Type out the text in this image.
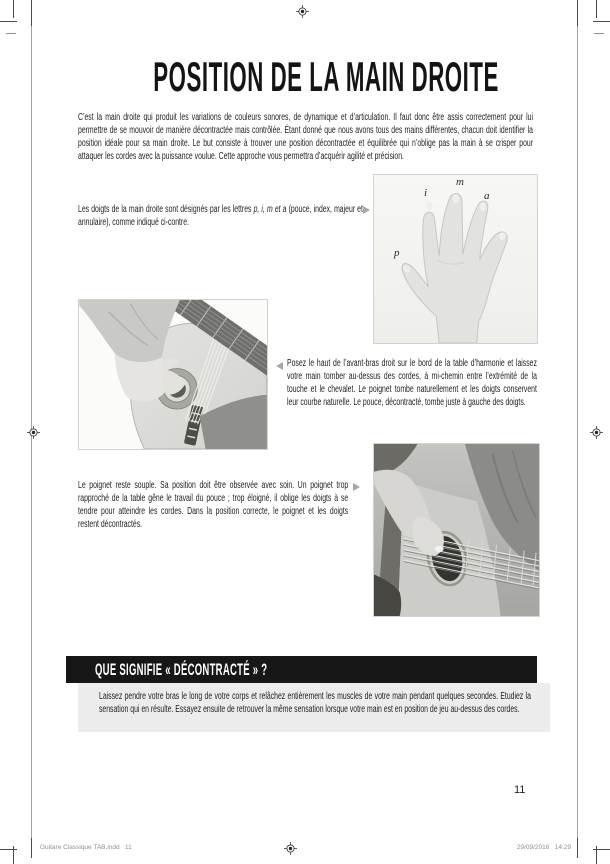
POSITION DE LA MAIN DROITE

C’est la main droite qui produit les variations de couleurs sonores, de dynamique et d’articulation. Il faut donc être assis correctement pour lui permettre de se mouvoir de manière décontractée mais contrôlée. Étant donné que nous avons tous des mains différentes, chacun doit identifier la position idéale pour sa main droite. Le but consiste à trouver une position décontractée et équilibrée qui n’oblige pas la main à se crisper pour attaquer les cordes avec la puissance voulue. Cette approche vous permettra d’acquérir agilité et précision.

Les doigts de la main droite sont désignés par les lettres p, i, m et a (pouce, index, majeur et annulaire), comme indiqué ci-contre.

i
m
a
p

Posez le haut de l’avant-bras droit sur le bord de la table d’harmonie et laissez votre main tomber au-dessus des cordes, à mi-chemin entre l’extrémité de la touche et le chevalet. Le poignet tombe naturellement et les doigts conservent leur courbe naturelle. Le pouce, décontracté, tombe juste à gauche des doigts.

Le poignet reste souple. Sa position doit être observée avec soin. Un poignet trop rapproché de la table gêne le travail du pouce ; trop éloigné, il oblige les doigts à se tendre pour atteindre les cordes. Dans la position correcte, le poignet et les doigts restent décontractés.

QUE SIGNIFIE « DÉCONTRACTÉ » ?

Laissez pendre votre bras le long de votre corps et relâchez entièrement les muscles de votre main pendant quelques secondes. Étudiez la sensation qui en résulte. Essayez ensuite de retrouver la même sensation lorsque votre main est en position de jeu au-dessus des cordes.

11
Guitare Classique TAB.indd   11	29/09/2016   14:29
